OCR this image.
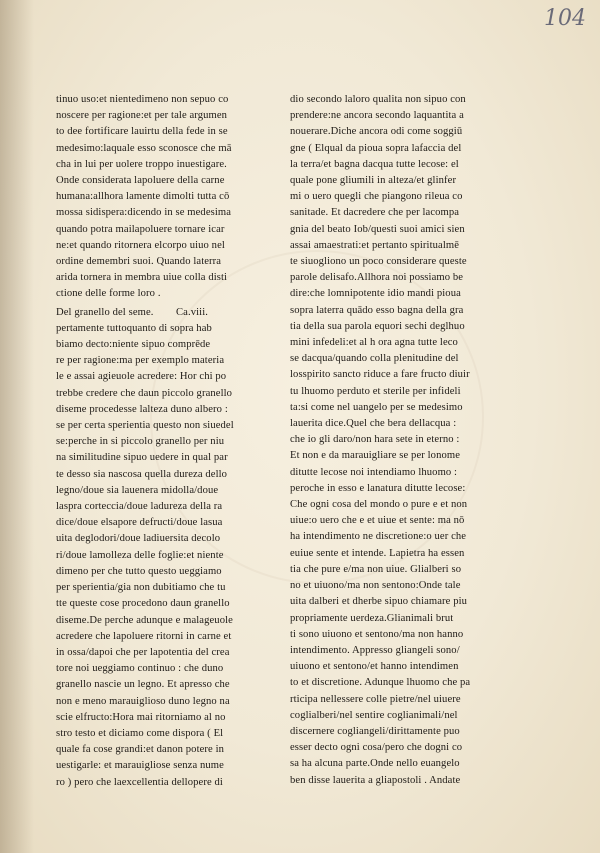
104
tinuo uso:et nientedimeno non sepuo co
noscere per ragione:et per tale argumen
to dee fortificare lauirtu della fede in se
medesimo:laquale esso sconosce che mā
cha in lui per uolere troppo inuestigare.
Onde considerata lapoluere della carne
humana:allhora lamente dimolti tutta cō
mossa sidispera:dicendo in se medesima
quando potra mailapoluere tornare icar
ne:et quando ritornera elcorpo uiuo nel
ordine demembri suoi. Quando laterra
arida tornera in membra uiue colla disti
ctione delle forme loro .
Del granello del seme. Ca.viii.
pertamente tuttoquanto di sopra hab
biamo decto:niente sipuo comprēde
re per ragione:ma per exemplo materia
le e assai agieuole acredere: Hor chi po
trebbe credere che daun piccolo granello
diseme procedesse lalteza duno albero :
se per certa sperientia questo non siuedel
se:perche in si piccolo granello per niu
na similitudine sipuo uedere in qual par
te desso sia nascosa quella dureza dello
legno/doue sia lauenera midolla/doue
laspra corteccia/doue ladureza della ra
dice/doue elsapore defructi/doue lasua
uita deglodori/doue ladiuersita decolo
ri/doue lamolleza delle foglie:et niente
dimeno per che tutto questo ueggiamo
per sperientia/gia non dubitiamo che tu
tte queste cose procedono daun granello
diseme.De perche adunque e malageuole
acredere che lapoluere ritorni in carne et
in ossa/dapoi che per lapotentia del crea
tore noi ueggiamo continuo : che duno
granello nascie un legno. Et apresso che
non e meno marauiglioso duno legno na
scie elfructo:Hora mai ritorniamo al no
stro testo et diciamo come dispora ( El
quale fa cose grandi:et danon potere in
uestigarle: et marauigliose senza nume
ro ) pero che laexcellentia dellopere di
dio secondo laloro qualita non sipuo con
prendere:ne ancora secondo laquantita a
nouerare.Diche ancora odi come soggiū
gne ( Elqual da pioua sopra lafaccia del
la terra/et bagna dacqua tutte lecose: el
quale pone gliumili in alteza/et glinfer
mi o uero quegli che piangono rileua co
sanitade. Et dacredere che per lacompa
gnia del beato Iob/questi suoi amici sien
assai amaestrati:et pertanto spiritualmē
te siuogliono un poco considerare queste
parole delisafo.Allhora noi possiamo be
dire:che lomnipotente idio mandi pioua
sopra laterra quādo esso bagna della gra
tia della sua parola equori sechi deglhuo
mini infedeli:et al h ora agna tutte leco
se dacqua/quando colla plenitudine del
losspirito sancto riduce a fare fructo diuir
tu lhuomo perduto et sterile per infideli
ta:si come nel uangelo per se medesimo
lauerita dice.Quel che bera dellacqua :
che io gli daro/non hara sete in eterno :
Et non e da marauigliare se per lonome
ditutte lecose noi intendiamo lhuomo :
peroche in esso e lanatura ditutte lecose:
Che ogni cosa del mondo o pure e et non
uiue:o uero che e et uiue et sente: ma nō
ha intendimento ne discretione:o uer che
euiue sente et intende. Lapietra ha essen
tia che pure e/ma non uiue. Glialberi so
no et uiuono/ma non sentono:Onde tale
uita dalberi et dherbe sipuo chiamare piu
propriamente uerdeza.Glianimali brut
ti sono uiuono et sentono/ma non hanno
intendimento. Appresso gliangeli sono/
uiuono et sentono/et hanno intendimen
to et discretione. Adunque lhuomo che pa
rticipa nellessere colle pietre/nel uiuere
coglialberi/nel sentire coglianimali/nel
discernere cogliangeli/dirittamente puo
esser decto ogni cosa/pero che dogni co
sa ha alcuna parte.Onde nello euangelo
ben disse lauerita a gliapostoli . Andate
